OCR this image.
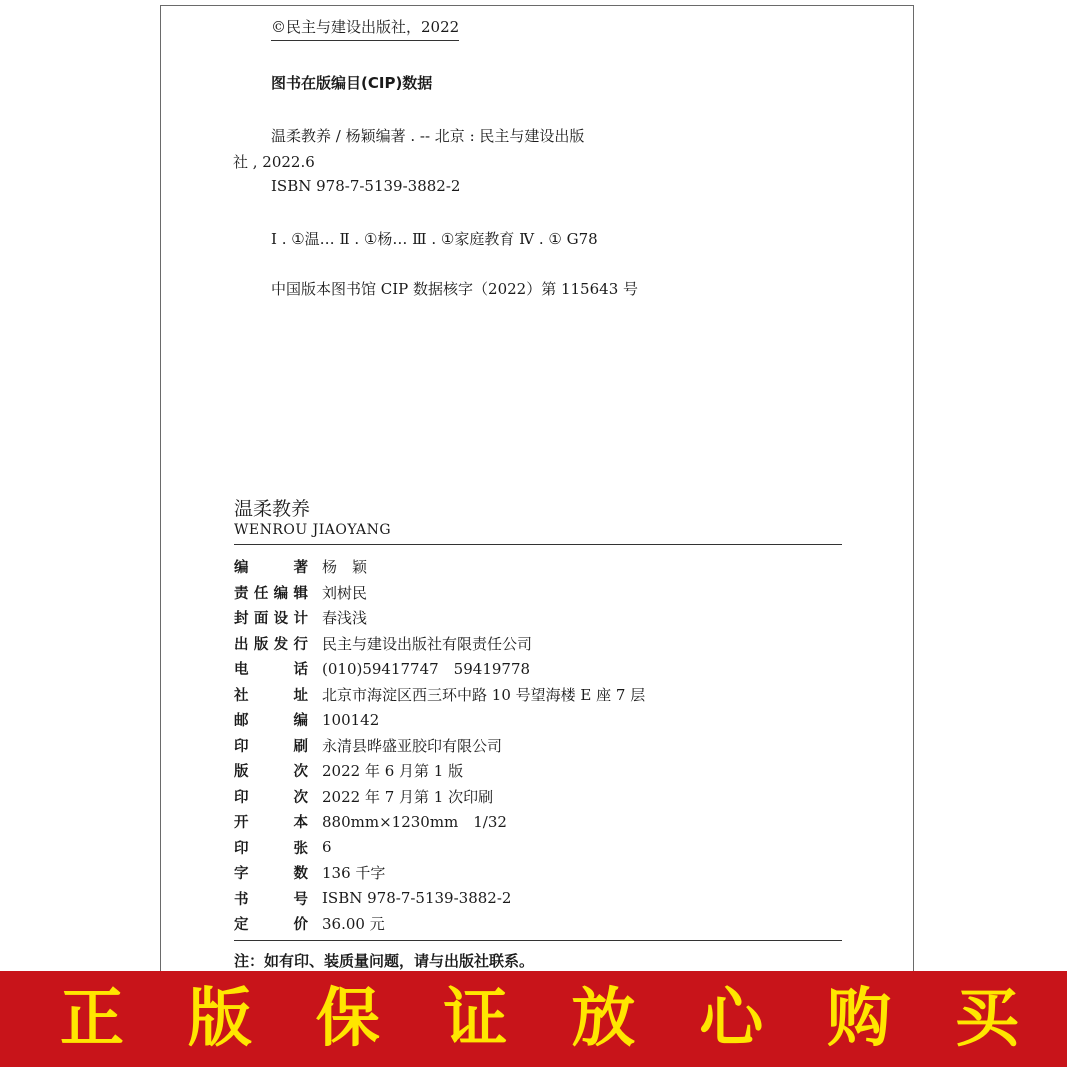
©民主与建设出版社，2022
图书在版编目(CIP)数据
温柔教养 / 杨颖编著 . -- 北京 : 民主与建设出版
社 , 2022.6
ISBN 978-7-5139-3882-2
Ⅰ . ①温… Ⅱ . ①杨… Ⅲ . ①家庭教育 Ⅳ . ① G78
中国版本图书馆 CIP 数据核字（2022）第 115643 号
温柔教养
WENROU JIAOYANG
编著 杨　颖
责任编辑 刘树民
封面设计 春浅浅
出版发行 民主与建设出版社有限责任公司
电话 (010)59417747　59419778
社址 北京市海淀区西三环中路 10 号望海楼 E 座 7 层
邮编 100142
印刷 永清县晔盛亚胶印有限公司
版次 2022 年 6 月第 1 版
印次 2022 年 7 月第 1 次印刷
开本 880mm×1230mm　1/32
印张 6
字数 136 千字
书号 ISBN 978-7-5139-3882-2
定价 36.00 元
注：如有印、装质量问题，请与出版社联系。
正 版 保 证 放 心 购 买
